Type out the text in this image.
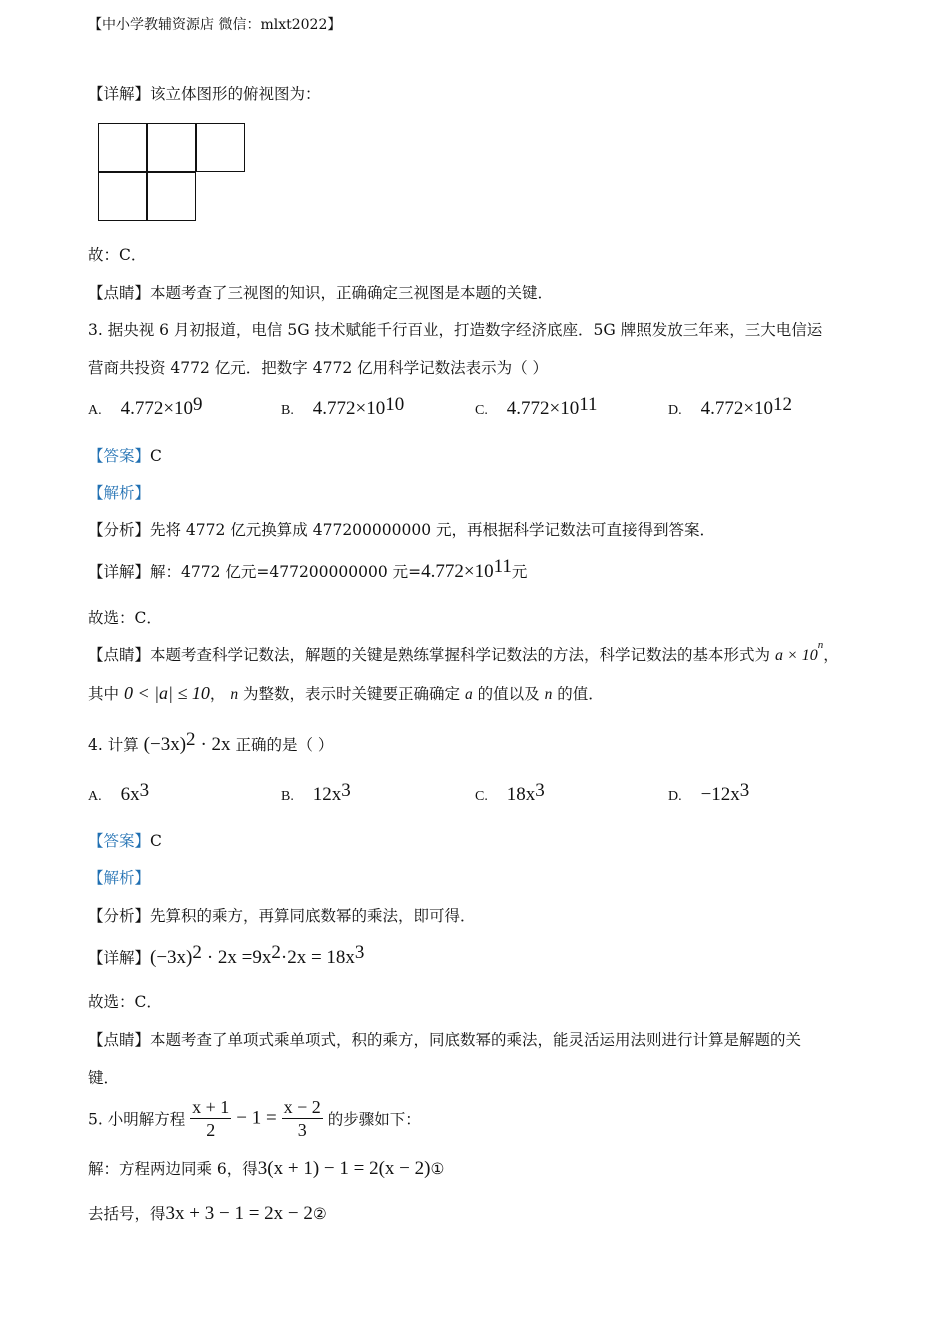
【中小学教辅资源店 微信：mlxt2022】
【详解】该立体图形的俯视图为：
故：C．
【点睛】本题考查了三视图的知识，正确确定三视图是本题的关键．
3. 据央视 6 月初报道，电信 5G 技术赋能千行百业，打造数字经济底座．5G 牌照发放三年来，三大电信运
营商共投资 4772 亿元．把数字 4772 亿用科学记数法表示为（ ）
A. $4.772\times 10^9$	B. $4.772\times 10^{10}$	C. $4.772\times 10^{11}$	D. $4.772\times 10^{12}$
【答案】C
【解析】
【分析】先将 4772 亿元换算成 477200000000 元，再根据科学记数法可直接得到答案．
【详解】解：4772 亿元=477200000000 元$=4.772\times 10^{11}$元
故选：C．
【点睛】本题考查科学记数法，解题的关键是熟练掌握科学记数法的方法，科学记数法的基本形式为 $a \times 10^n$，
其中 0 < |a| ≤ 10， n 为整数，表示时关键要正确确定 a 的值以及 n 的值．
4. 计算 $(-3x)^2 \cdot 2x$ 正确的是（ ）
A. $6x^3$	B. $12x^3$	C. $18x^3$	D. $-12x^3$
【答案】C
【解析】
【分析】先算积的乘方，再算同底数幂的乘法，即可得．
【详解】$(-3x)^2 \cdot 2x =9x^2\cdot 2x = 18x^3$
故选：C．
【点睛】本题考查了单项式乘单项式，积的乘方，同底数幂的乘法，能灵活运用法则进行计算是解题的关
键．
5. 小明解方程 $\frac{x + 1}{2} - 1 = \frac{x - 2}{3}$ 的步骤如下：
解：方程两边同乘 6，得3(x + 1) − 1 = 2(x − 2)①
去括号，得3x + 3 − 1 = 2x − 2②
